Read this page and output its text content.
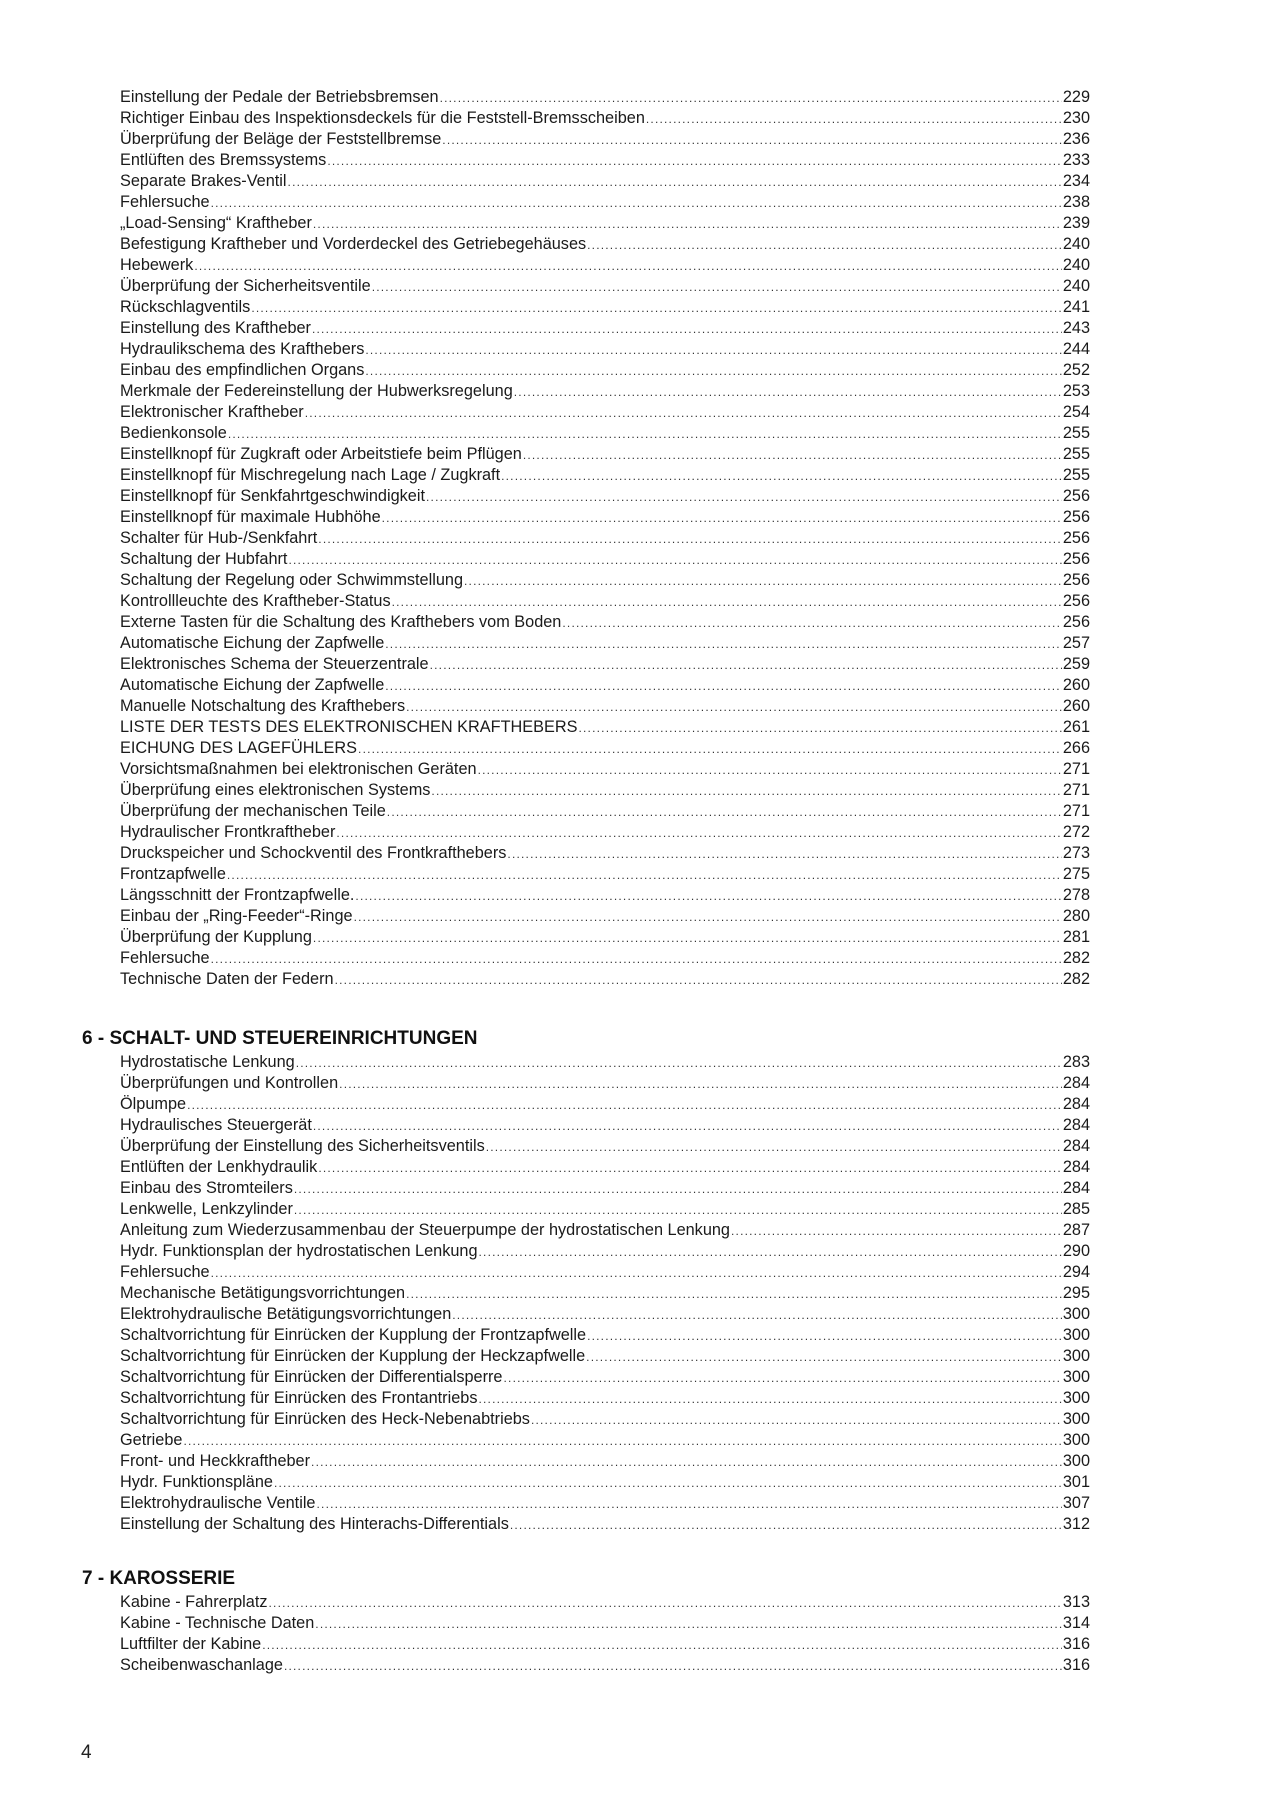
Einstellung der Pedale der Betriebsbremsen .....	229
Richtiger Einbau des Inspektionsdeckels für die Feststell-Bremsscheiben .....	230
Überprüfung der Beläge der Feststellbremse .....	236
Entlüften des Bremssystems .....	233
Separate Brakes-Ventil .....	234
Fehlersuche .....	238
„Load-Sensing“ Kraftheber .....	239
Befestigung Kraftheber und Vorderdeckel des Getriebegehäuses .....	240
Hebewerk .....	240
Überprüfung der Sicherheitsventile .....	240
Rückschlagventils .....	241
Einstellung des Kraftheber .....	243
Hydraulikschema des Krafthebers .....	244
Einbau des empfindlichen Organs .....	252
Merkmale der Federeinstellung der Hubwerksregelung .....	253
Elektronischer Kraftheber .....	254
Bedienkonsole .....	255
Einstellknopf für Zugkraft oder Arbeitstiefe beim Pflügen .....	255
Einstellknopf für Mischregelung nach Lage / Zugkraft .....	255
Einstellknopf für Senkfahrtgeschwindigkeit .....	256
Einstellknopf für maximale Hubhöhe .....	256
Schalter für Hub-/Senkfahrt .....	256
Schaltung der Hubfahrt .....	256
Schaltung der Regelung oder Schwimmstellung .....	256
Kontrollleuchte des Kraftheber-Status .....	256
Externe Tasten für die Schaltung des Krafthebers vom Boden .....	256
Automatische Eichung der Zapfwelle .....	257
Elektronisches Schema der Steuerzentrale .....	259
Automatische Eichung der Zapfwelle .....	260
Manuelle Notschaltung des Krafthebers .....	260
LISTE DER TESTS DES ELEKTRONISCHEN KRAFTHEBERS .....	261
EICHUNG DES LAGEFÜHLERS .....	266
Vorsichtsmaßnahmen bei elektronischen Geräten .....	271
Überprüfung eines elektronischen Systems .....	271
Überprüfung der mechanischen Teile .....	271
Hydraulischer Frontkraftheber .....	272
Druckspeicher und Schockventil des Frontkrafthebers .....	273
Frontzapfwelle .....	275
Längsschnitt der Frontzapfwelle. .....	278
Einbau der „Ring-Feeder“-Ringe .....	280
Überprüfung der Kupplung .....	281
Fehlersuche .....	282
Technische Daten der Federn .....	282
6 - SCHALT- UND STEUEREINRICHTUNGEN
Hydrostatische Lenkung .....	283
Überprüfungen und Kontrollen .....	284
Ölpumpe .....	284
Hydraulisches Steuergerät .....	284
Überprüfung der Einstellung des Sicherheitsventils .....	284
Entlüften der Lenkhydraulik .....	284
Einbau des Stromteilers .....	284
Lenkwelle, Lenkzylinder .....	285
Anleitung zum Wiederzusammenbau der Steuerpumpe der hydrostatischen Lenkung .....	287
Hydr. Funktionsplan der hydrostatischen Lenkung .....	290
Fehlersuche .....	294
Mechanische Betätigungsvorrichtungen .....	295
Elektrohydraulische Betätigungsvorrichtungen .....	300
Schaltvorrichtung für Einrücken der Kupplung der Frontzapfwelle .....	300
Schaltvorrichtung für Einrücken der Kupplung der Heckzapfwelle .....	300
Schaltvorrichtung für Einrücken der Differentialsperre .....	300
Schaltvorrichtung für Einrücken des Frontantriebs .....	300
Schaltvorrichtung für Einrücken des Heck-Nebenabtriebs .....	300
Getriebe .....	300
Front- und Heckkraftheber .....	300
Hydr. Funktionspläne .....	301
Elektrohydraulische Ventile .....	307
Einstellung der Schaltung des Hinterachs-Differentials .....	312
7 - KAROSSERIE
Kabine - Fahrerplatz .....	313
Kabine - Technische Daten .....	314
Luftfilter der Kabine .....	316
Scheibenwaschanlage .....	316
4
